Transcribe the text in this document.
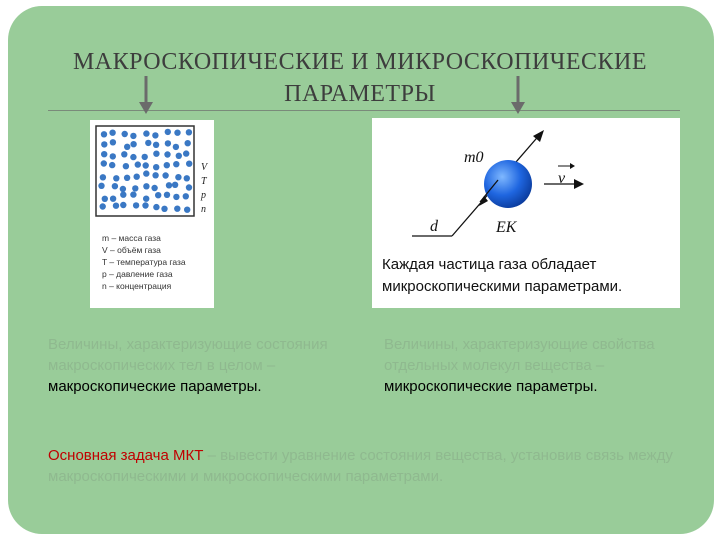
МАКРОСКОПИЧЕСКИЕ И МИКРОСКОПИЧЕСКИЕ
ПАРАМЕТРЫ
V
T
p
n
m – масса газа
V – объём газа
T – температура газа
p – давление газа
n – концентрация
m0
v
d	EK
Каждая частица газа обладает
микроскопическими параметрами.
Величины, характеризующие состояния макроскопических тел в целом – макроскопические параметры.
Величины, характеризующие свойства отдельных молекул вещества – микроскопические параметры.
Основная задача МКТ – вывести уравнение состояния вещества, установив связь между макроскопическими и микроскопическими параметрами.
